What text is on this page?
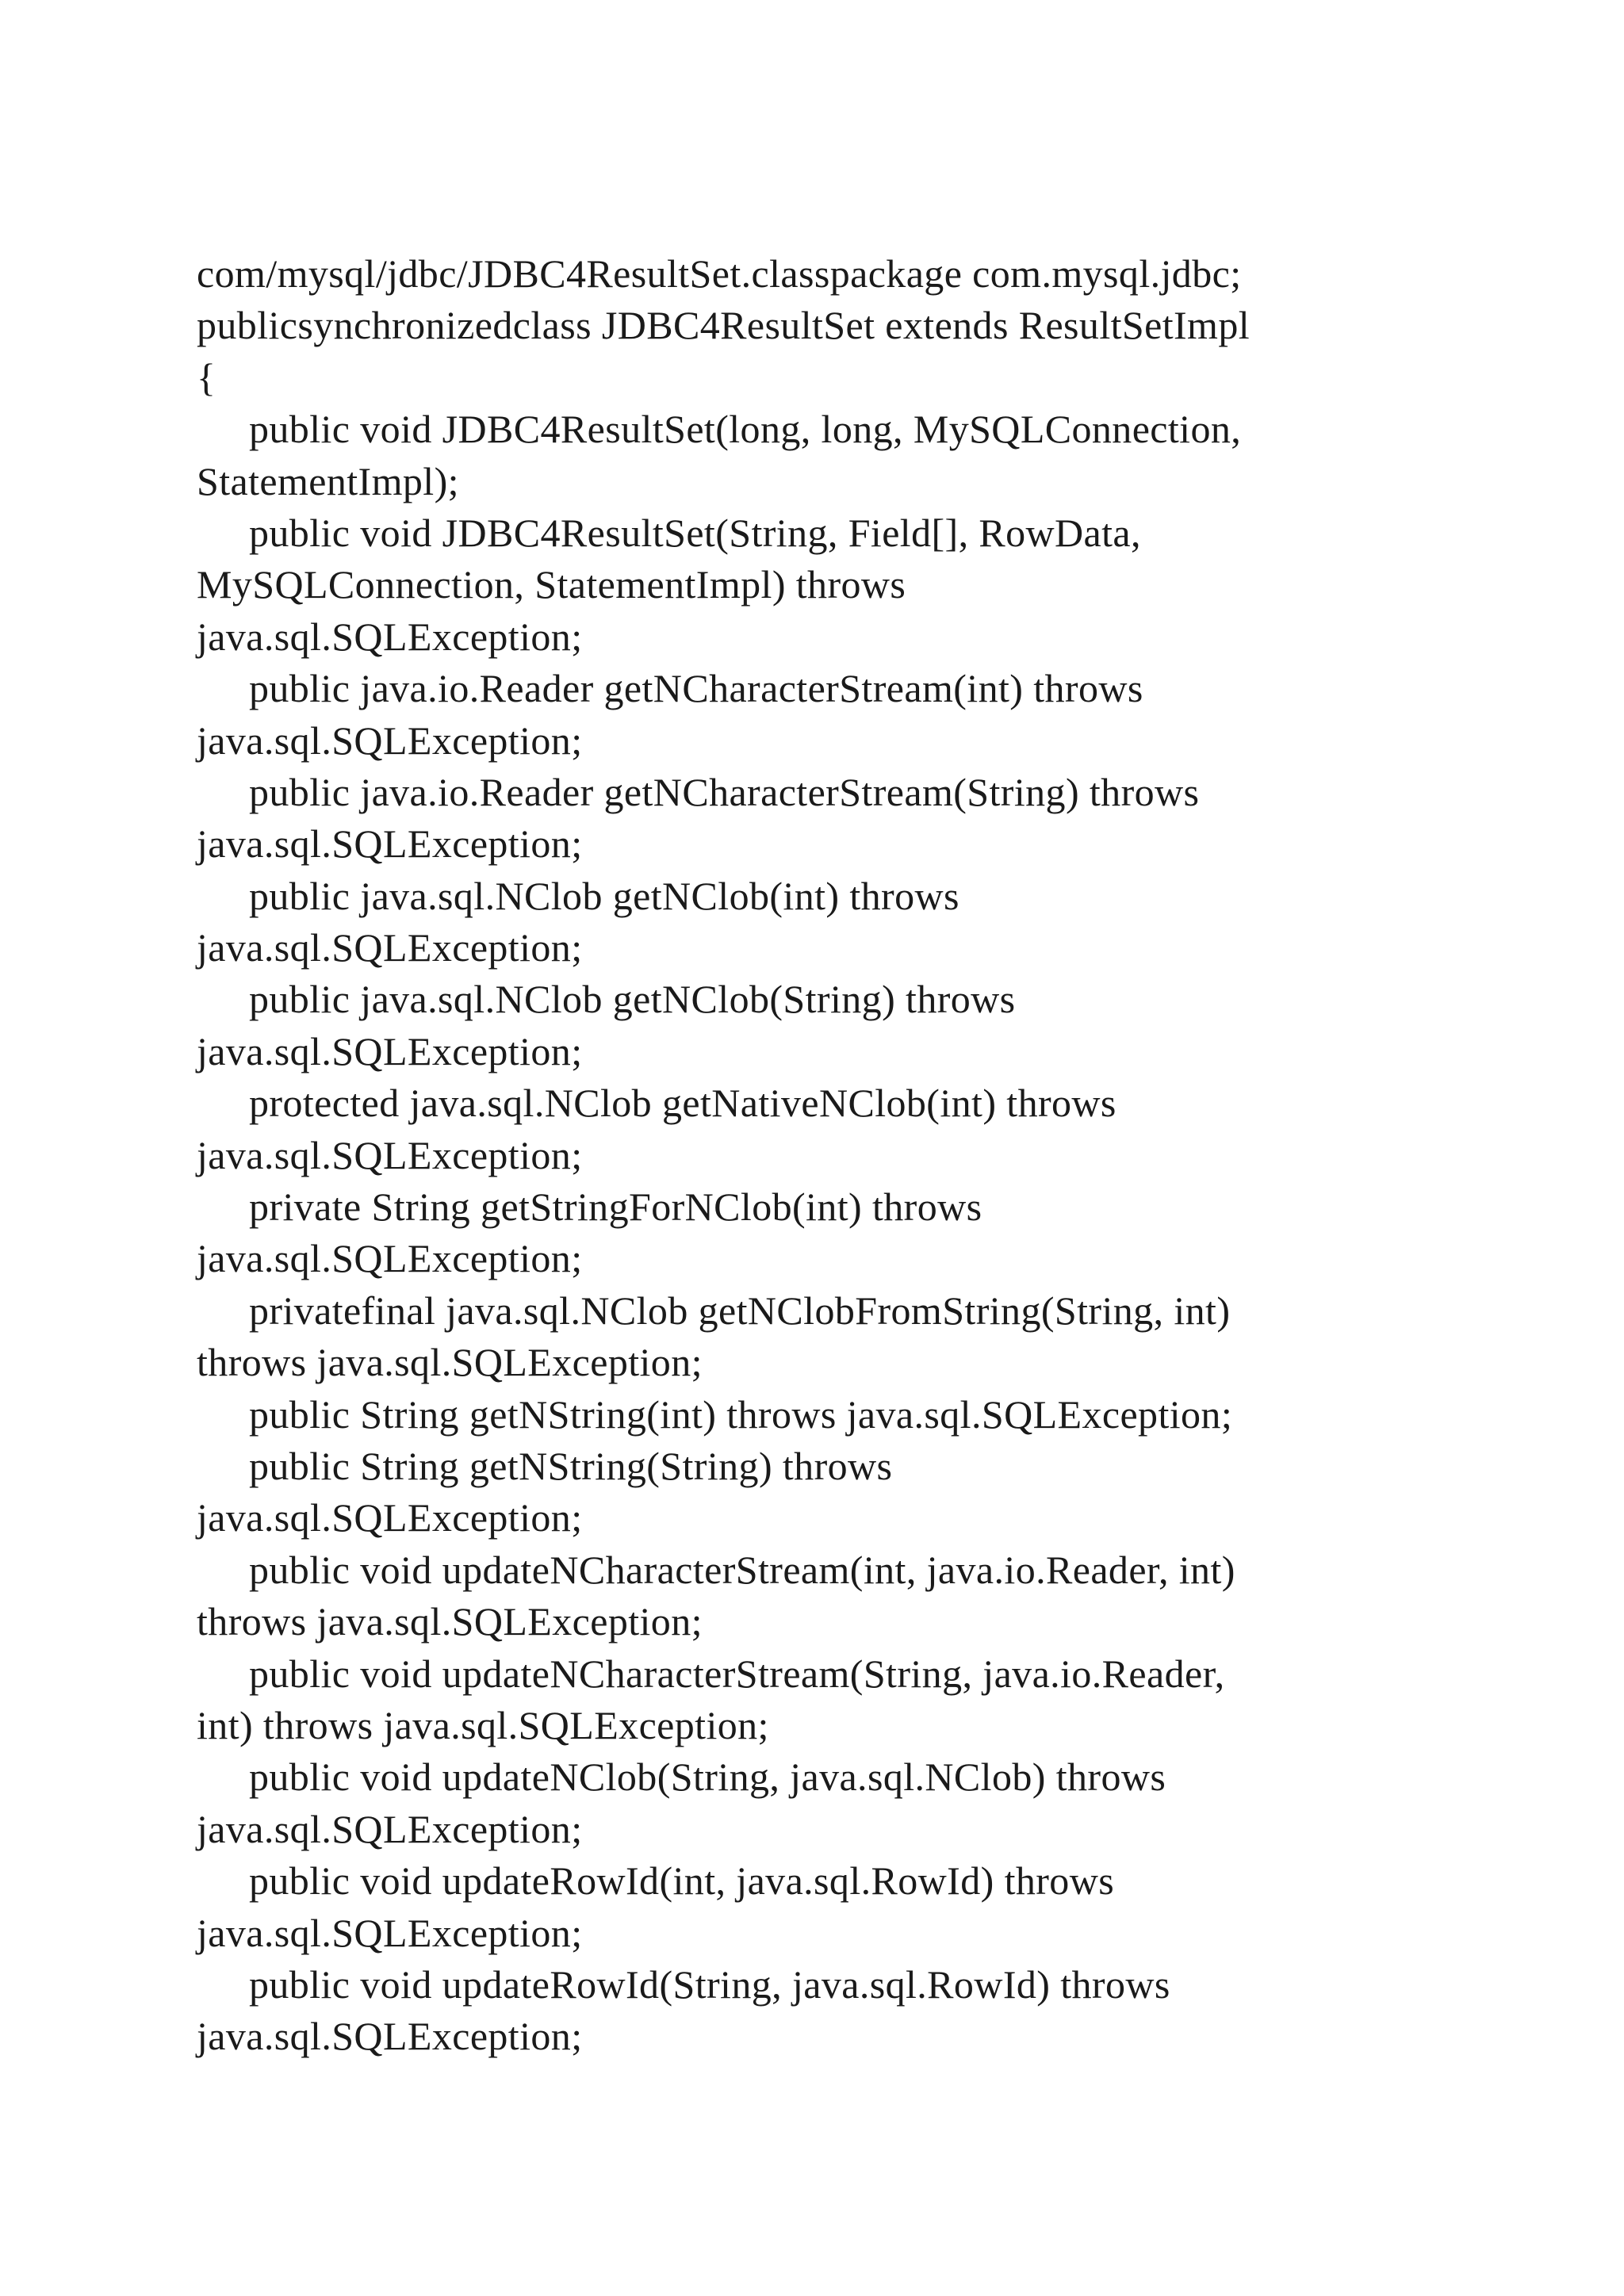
com/mysql/jdbc/JDBC4ResultSet.classpackage com.mysql.jdbc;
publicsynchronizedclass JDBC4ResultSet extends ResultSetImpl
{
public void JDBC4ResultSet(long, long, MySQLConnection,
StatementImpl);
public void JDBC4ResultSet(String, Field[], RowData,
MySQLConnection, StatementImpl) throws
java.sql.SQLException;
public java.io.Reader getNCharacterStream(int) throws
java.sql.SQLException;
public java.io.Reader getNCharacterStream(String) throws
java.sql.SQLException;
public java.sql.NClob getNClob(int) throws
java.sql.SQLException;
public java.sql.NClob getNClob(String) throws
java.sql.SQLException;
protected java.sql.NClob getNativeNClob(int) throws
java.sql.SQLException;
private String getStringForNClob(int) throws
java.sql.SQLException;
privatefinal java.sql.NClob getNClobFromString(String, int)
throws java.sql.SQLException;
public String getNString(int) throws java.sql.SQLException;
public String getNString(String) throws
java.sql.SQLException;
public void updateNCharacterStream(int, java.io.Reader, int)
throws java.sql.SQLException;
public void updateNCharacterStream(String, java.io.Reader,
int) throws java.sql.SQLException;
public void updateNClob(String, java.sql.NClob) throws
java.sql.SQLException;
public void updateRowId(int, java.sql.RowId) throws
java.sql.SQLException;
public void updateRowId(String, java.sql.RowId) throws
java.sql.SQLException;
